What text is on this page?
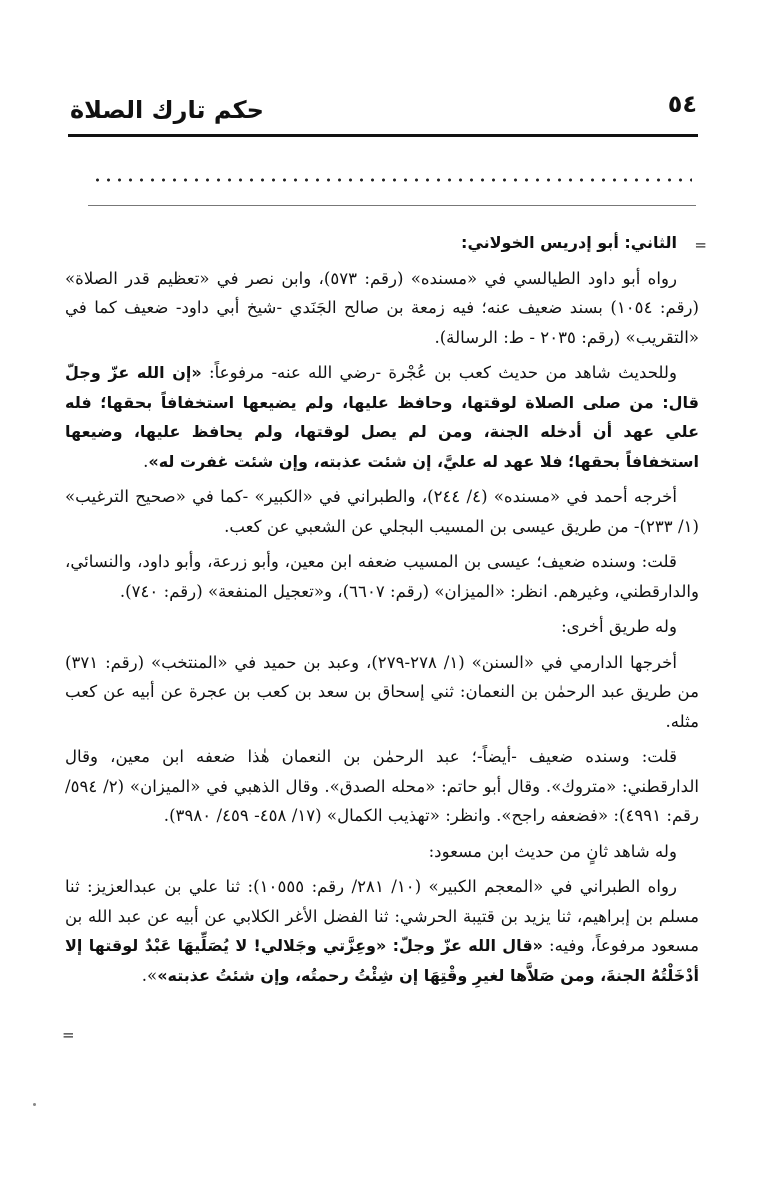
حكم تارك الصلاة	٥٤
=

الثاني: أبو إدريس الخولاني:

رواه أبو داود الطيالسي في «مسنده» (رقم: ٥٧٣)، وابن نصر في «تعظيم قدر الصلاة» (رقم: ١٠٥٤) بسند ضعيف عنه؛ فيه زمعة بن صالح الجَنَدي -شيخ أبي داود- ضعيف كما في «التقريب» (رقم: ٢٠٣٥ - ط: الرسالة).

وللحديث شاهد من حديث كعب بن عُجْرة -رضي الله عنه- مرفوعاً: «إن الله عزّ وجلّ قال: من صلى الصلاة لوقتها، وحافظ عليها، ولم يضيعها استخفافاً بحقها؛ فله علي عهد أن أدخله الجنة، ومن لم يصل لوقتها، ولم يحافظ عليها، وضيعها استخفافاً بحقها؛ فلا عهد له عليَّ، إن شئت عذبته، وإن شئت غفرت له».

أخرجه أحمد في «مسنده» (٤/ ٢٤٤)، والطبراني في «الكبير» -كما في «صحيح الترغيب» (١/ ٢٣٣)- من طريق عيسى بن المسيب البجلي عن الشعبي عن كعب.

قلت: وسنده ضعيف؛ عيسى بن المسيب ضعفه ابن معين، وأبو زرعة، وأبو داود، والنسائي، والدارقطني، وغيرهم. انظر: «الميزان» (رقم: ٦٦٠٧)، و«تعجيل المنفعة» (رقم: ٧٤٠).

وله طريق أخرى:

أخرجها الدارمي في «السنن» (١/ ٢٧٨-٢٧٩)، وعبد بن حميد في «المنتخب» (رقم: ٣٧١) من طريق عبد الرحمٰن بن النعمان: ثني إسحاق بن سعد بن كعب بن عجرة عن أبيه عن كعب مثله.

قلت: وسنده ضعيف -أيضاً-؛ عبد الرحمٰن بن النعمان هٰذا ضعفه ابن معين، وقال الدارقطني: «متروك». وقال أبو حاتم: «محله الصدق». وقال الذهبي في «الميزان» (٢/ ٥٩٤/ رقم: ٤٩٩١): «فضعفه راجح». وانظر: «تهذيب الكمال» (١٧/ ٤٥٨- ٤٥٩/ ٣٩٨٠).

وله شاهد ثانٍ من حديث ابن مسعود:

رواه الطبراني في «المعجم الكبير» (١٠/ ٢٨١/ رقم: ١٠٥٥٥): ثنا علي بن عبدالعزيز: ثنا مسلم بن إبراهيم، ثنا يزيد بن قتيبة الحرشي: ثنا الفضل الأغر الكلابي عن أبيه عن عبد الله بن مسعود مرفوعاً، وفيه: «قال الله عزّ وجلّ: «وعِزَّتي وجَلالي! لا يُصَلِّيهَا عَبْدٌ لوقتها إلا أدْخَلْتُهُ الجنةَ، ومن صَلاَّها لغيرِ وقْتِهَا إن شِئْتُ رحمتُه، وإن شئتُ عذبته»».

=
